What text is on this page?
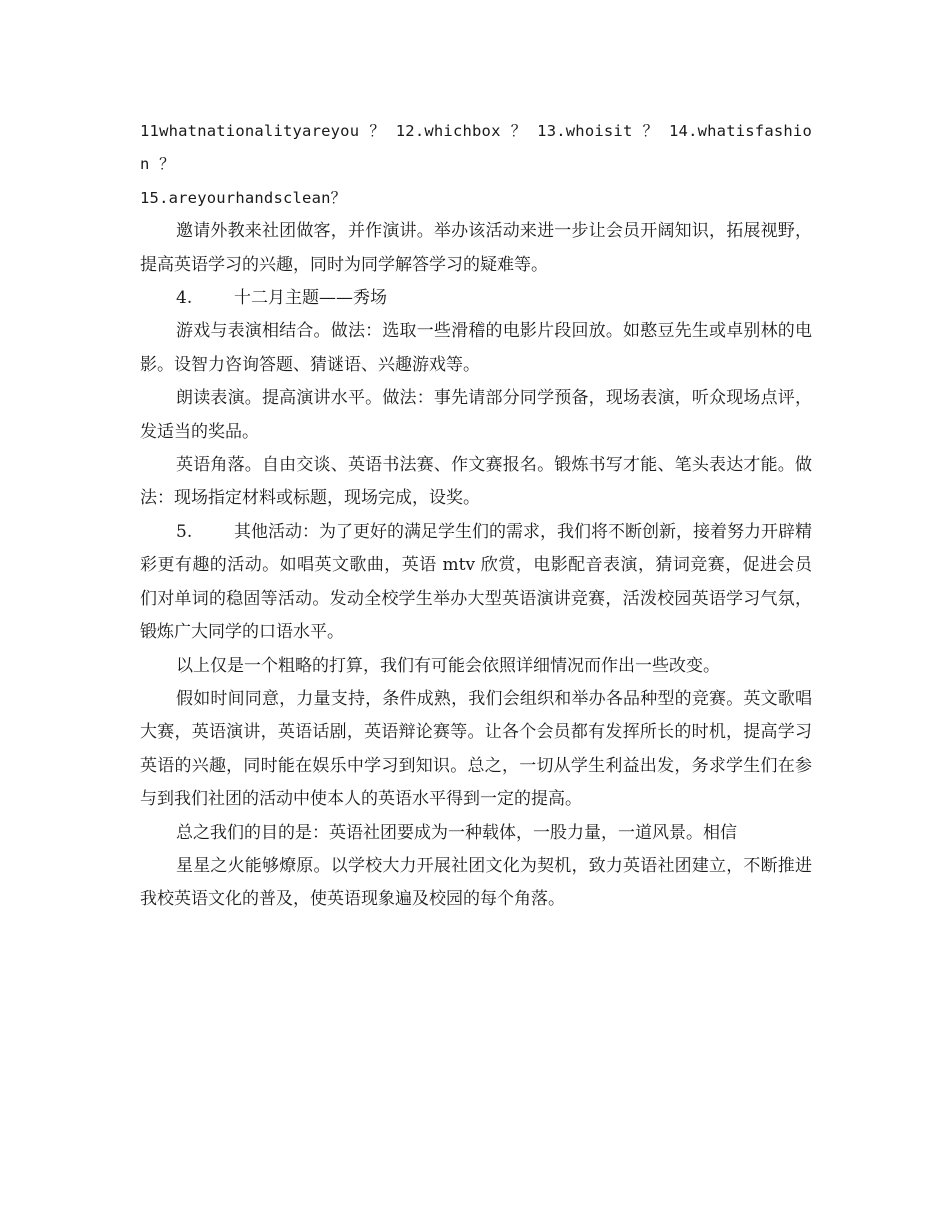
11whatnationalityareyou ？ 12.whichbox ？ 13.whoisit ？ 14.whatisfashion ？

15.areyourhandsclean？

邀请外教来社团做客，并作演讲。举办该活动来进一步让会员开阔知识，拓展视野，提高英语学习的兴趣，同时为同学解答学习的疑难等。

4. 十二月主题——秀场

游戏与表演相结合。做法：选取一些滑稽的电影片段回放。如憨豆先生或卓别林的电影。设智力咨询答题、猜谜语、兴趣游戏等。

朗读表演。提高演讲水平。做法：事先请部分同学预备，现场表演，听众现场点评，发适当的奖品。

英语角落。自由交谈、英语书法赛、作文赛报名。锻炼书写才能、笔头表达才能。做法：现场指定材料或标题，现场完成，设奖。

5. 其他活动：为了更好的满足学生们的需求，我们将不断创新，接着努力开辟精彩更有趣的活动。如唱英文歌曲，英语 mtv 欣赏，电影配音表演，猜词竞赛，促进会员们对单词的稳固等活动。发动全校学生举办大型英语演讲竞赛，活泼校园英语学习气氛，锻炼广大同学的口语水平。

以上仅是一个粗略的打算，我们有可能会依照详细情况而作出一些改变。

假如时间同意，力量支持，条件成熟，我们会组织和举办各品种型的竞赛。英文歌唱大赛，英语演讲，英语话剧，英语辩论赛等。让各个会员都有发挥所长的时机，提高学习英语的兴趣，同时能在娱乐中学习到知识。总之，一切从学生利益出发，务求学生们在参与到我们社团的活动中使本人的英语水平得到一定的提高。

总之我们的目的是：英语社团要成为一种载体，一股力量，一道风景。相信

星星之火能够燎原。以学校大力开展社团文化为契机，致力英语社团建立，不断推进我校英语文化的普及，使英语现象遍及校园的每个角落。
